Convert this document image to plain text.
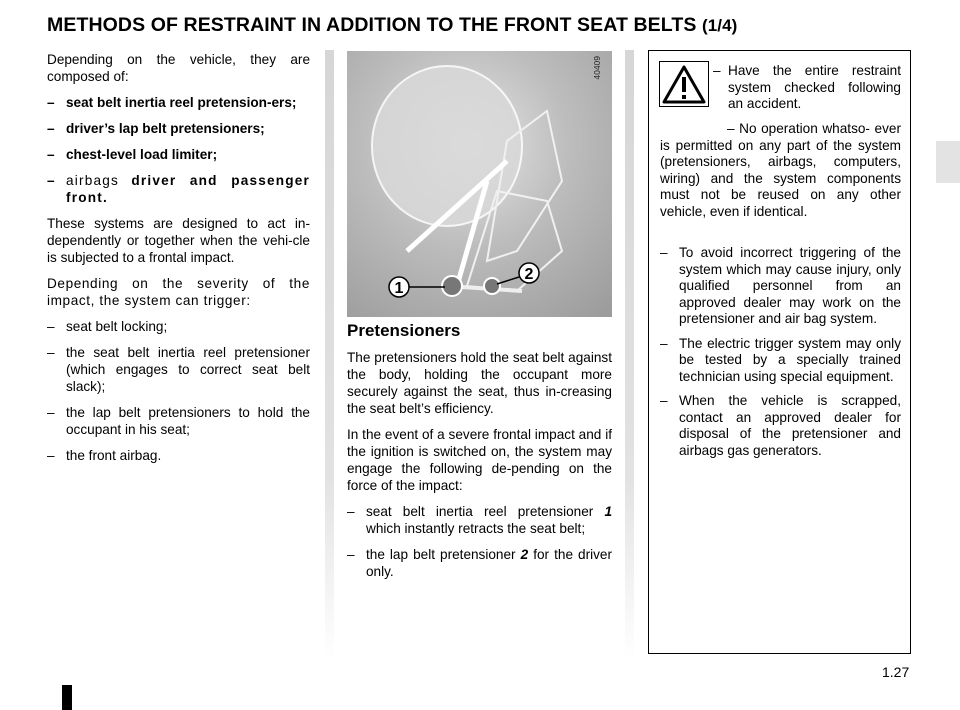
METHODS OF RESTRAINT IN ADDITION TO THE FRONT SEAT BELTS (1/4)

Depending on the vehicle, they are composed of:

– seat belt inertia reel pretension-ers;
– driver’s lap belt pretensioners;
– chest-level load limiter;
– airbags driver and passenger front.

These systems are designed to act in-dependently or together when the vehi-cle is subjected to a frontal impact.

Depending on the severity of the impact, the system can trigger:

– seat belt locking;
– the seat belt inertia reel pretensioner (which engages to correct seat belt slack);
– the lap belt pretensioners to hold the occupant in his seat;
– the front airbag.
1
2
40409
Pretensioners

The pretensioners hold the seat belt against the body, holding the occupant more securely against the seat, thus in-creasing the seat belt’s efficiency.

In the event of a severe frontal impact and if the ignition is switched on, the system may engage the following de-pending on the force of the impact:

– seat belt inertia reel pretensioner 1 which instantly retracts the seat belt;
– the lap belt pretensioner 2 for the driver only.
– Have the entire restraint system checked following an accident.

– No operation whatso- ever is permitted on any part of the system (pretensioners, airbags, computers, wiring) and the system components must not be reused on any other vehicle, even if identical.

– To avoid incorrect triggering of the system which may cause injury, only qualified personnel from an approved dealer may work on the pretensioner and air bag system.
– The electric trigger system may only be tested by a specially trained technician using special equipment.
– When the vehicle is scrapped, contact an approved dealer for disposal of the pretensioner and airbags gas generators.
1.27
